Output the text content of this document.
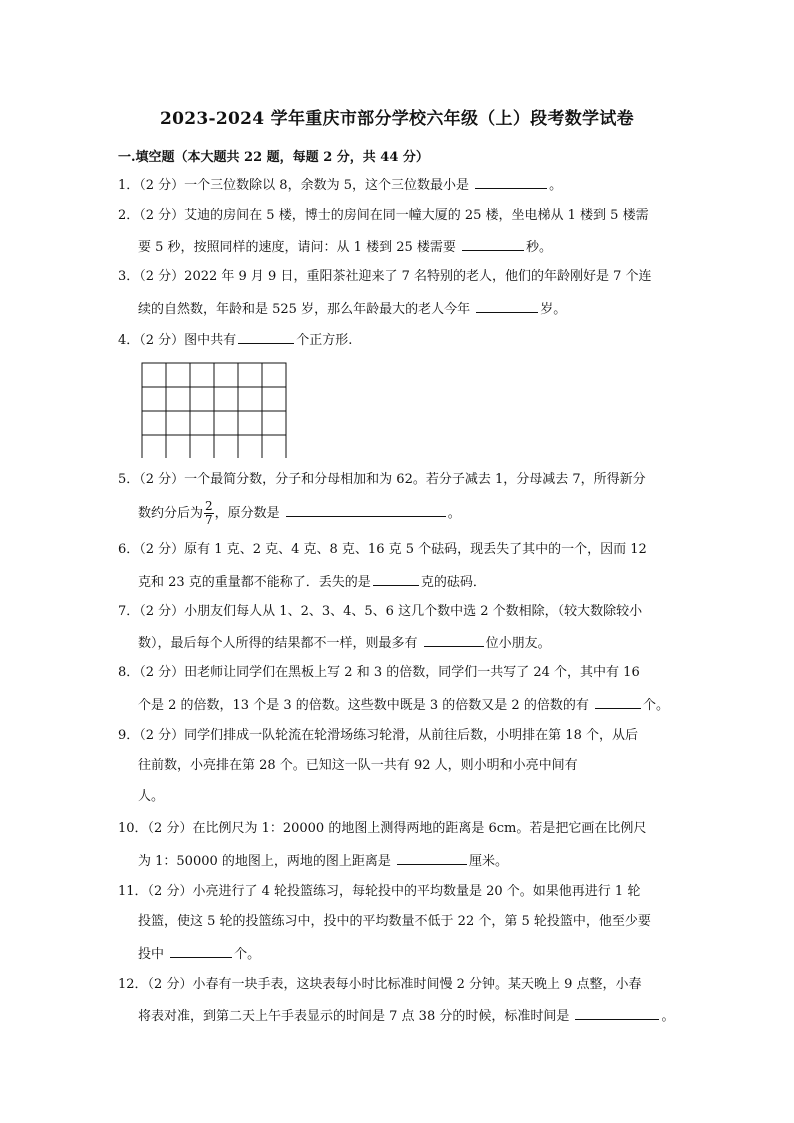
2023-2024 学年重庆市部分学校六年级（上）段考数学试卷
一.填空题（本大题共 22 题，每题 2 分，共 44 分）
1．（2 分）一个三位数除以 8，余数为 5，这个三位数最小是	。
2．（2 分）艾迪的房间在 5 楼，博士的房间在同一幢大厦的 25 楼，坐电梯从 1 楼到 5 楼需
要 5 秒，按照同样的速度，请问：从 1 楼到 25 楼需要	秒。
3．（2 分）2022 年 9 月 9 日，重阳茶社迎来了 7 名特别的老人，他们的年龄刚好是 7 个连
续的自然数，年龄和是 525 岁，那么年龄最大的老人今年	岁。
4．（2 分）图中共有	个正方形.
5．（2 分）一个最简分数，分子和分母相加和为 62。若分子减去 1，分母减去 7，所得新分
数约分后为 $\frac{2}{7}$ ，原分数是	。
6．（2 分）原有 1 克、2 克、4 克、8 克、16 克 5 个砝码，现丢失了其中的一个，因而 12
克和 23 克的重量都不能称了．丢失的是	克的砝码．
7．（2 分）小朋友们每人从 1、2、3、4、5、6 这几个数中选 2 个数相除，（较大数除较小
数），最后每个人所得的结果都不一样，则最多有	位小朋友。
8．（2 分）田老师让同学们在黑板上写 2 和 3 的倍数，同学们一共写了 24 个，其中有 16
个是 2 的倍数，13 个是 3 的倍数。这些数中既是 3 的倍数又是 2 的倍数的有	个。
9．（2 分）同学们排成一队轮流在轮滑场练习轮滑，从前往后数，小明排在第 18 个，从后
往前数，小亮排在第 28 个。已知这一队一共有 92 人，则小明和小亮中间有
人。
10．（2 分）在比例尺为 1：20000 的地图上测得两地的距离是 6cm。若是把它画在比例尺
为 1：50000 的地图上，两地的图上距离是	厘米。
11．（2 分）小亮进行了 4 轮投篮练习，每轮投中的平均数量是 20 个。如果他再进行 1 轮
投篮，使这 5 轮的投篮练习中，投中的平均数量不低于 22 个，第 5 轮投篮中，他至少要
投中	个。
12．（2 分）小春有一块手表，这块表每小时比标准时间慢 2 分钟。某天晚上 9 点整，小春
将表对准，到第二天上午手表显示的时间是 7 点 38 分的时候，标准时间是	。
